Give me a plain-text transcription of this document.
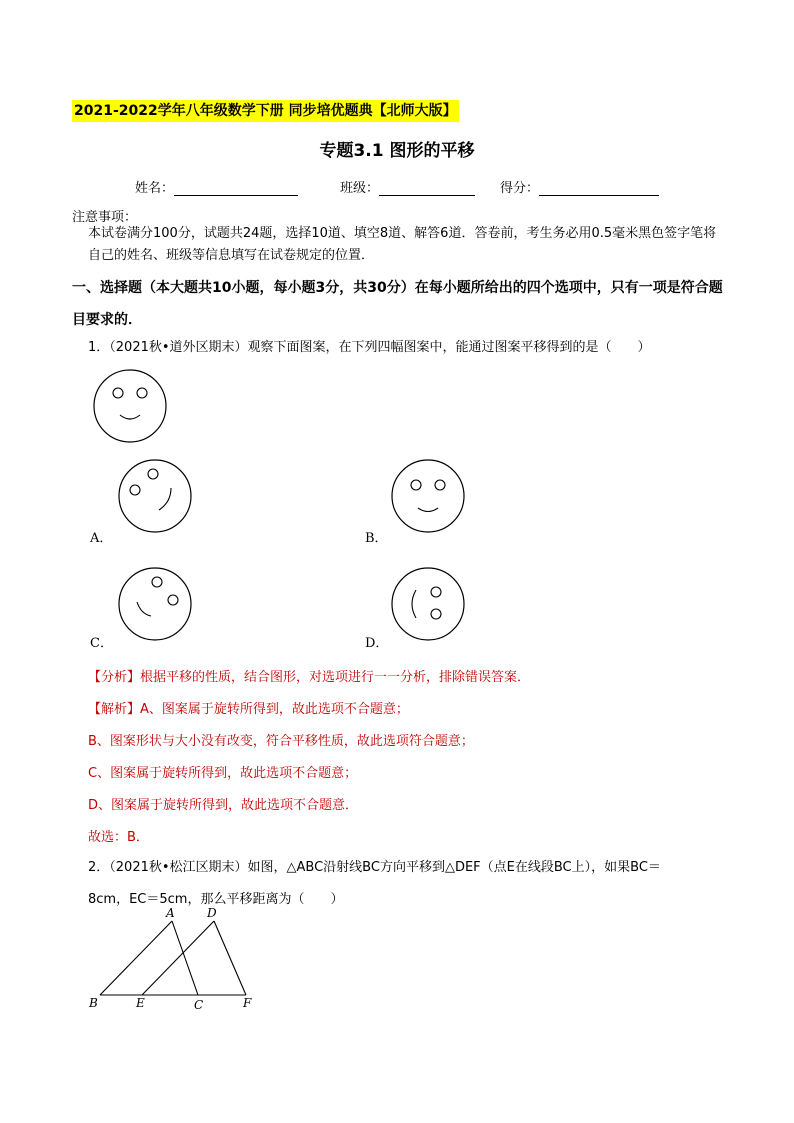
2021-2022学年八年级数学下册 同步培优题典【北师大版】
专题3.1 图形的平移
姓名：	班级：	得分：
注意事项：
本试卷满分100分，试题共24题，选择10道、填空8道、解答6道．答卷前，考生务必用0.5毫米黑色签字笔将自己的姓名、班级等信息填写在试卷规定的位置．
一、选择题（本大题共10小题，每小题3分，共30分）在每小题所给出的四个选项中，只有一项是符合题目要求的．
1．（2021秋•道外区期末）观察下面图案，在下列四幅图案中，能通过图案平移得到的是（　　）
A．	B．
C．	D．
【分析】根据平移的性质，结合图形，对选项进行一一分析，排除错误答案．
【解析】A、图案属于旋转所得到，故此选项不合题意；
B、图案形状与大小没有改变，符合平移性质，故此选项符合题意；
C、图案属于旋转所得到，故此选项不合题意；
D、图案属于旋转所得到，故此选项不合题意．
故选：B．
2．（2021秋•松江区期末）如图，△ABC沿射线BC方向平移到△DEF（点E在线段BC上），如果BC＝
8cm，EC＝5cm，那么平移距离为（　　）
A	D
B	E	C	F
